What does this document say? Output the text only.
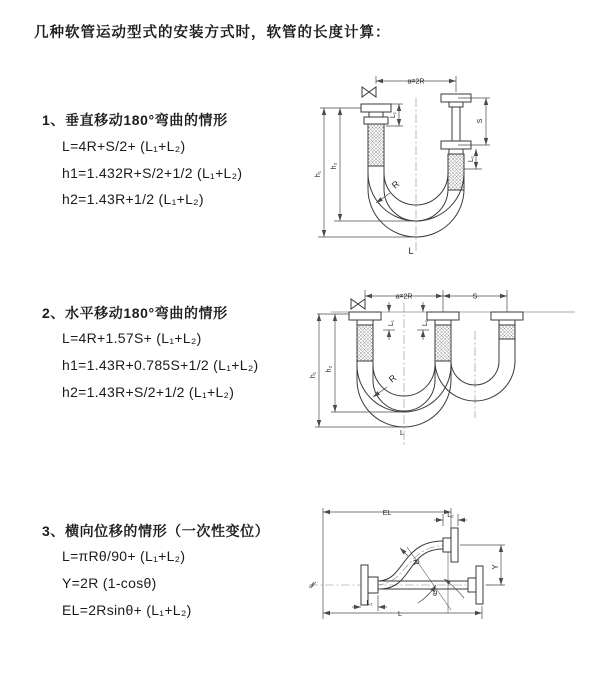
几种软管运动型式的安装方式时，软管的长度计算：
1、垂直移动180°弯曲的情形
L=4R+S/2+ (L₁+L₂)
h1=1.432R+S/2+1/2 (L₁+L₂)
h2=1.43R+1/2 (L₁+L₂)
2、水平移动180°弯曲的情形
L=4R+1.57S+ (L₁+L₂)
h1=1.43R+0.785S+1/2 (L₁+L₂)
h2=1.43R+S/2+1/2 (L₁+L₂)
3、横向位移的情形（一次性变位）
L=πRθ/90+ (L₁+L₂)
Y=2R (1-cosθ)
EL=2Rsinθ+ (L₁+L₂)
a=2R
S
L₁
h₂
h₁
L₁
R
L
a=2R	S
h₂
h₁
L₁	L₁
R
L
EL	L₂
Y
L
L₁
θ
R
